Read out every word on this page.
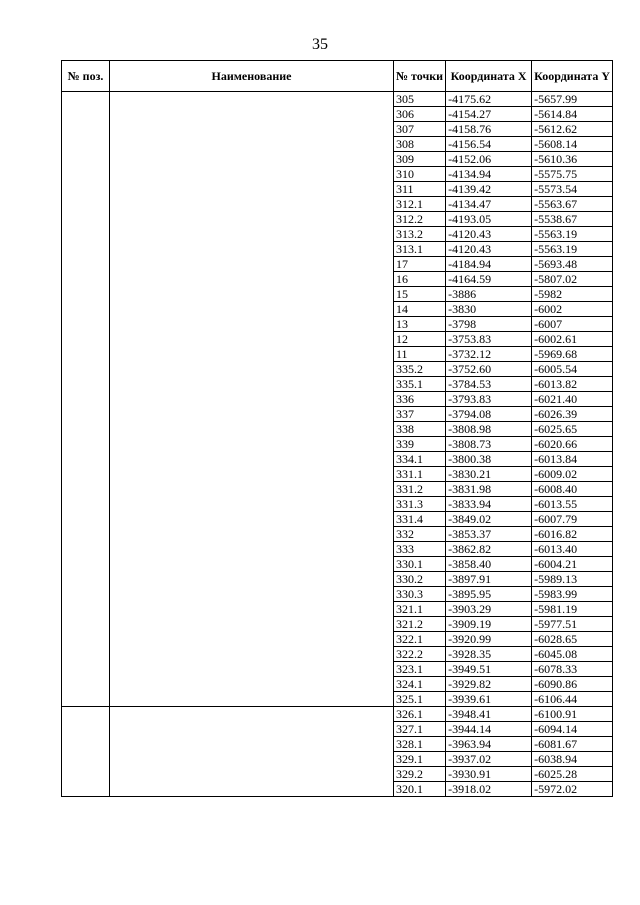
35
№ поз.	Наименование	№ точки	Координата X	Координата Y
		305	-4175.62	-5657.99
		306	-4154.27	-5614.84
		307	-4158.76	-5612.62
		308	-4156.54	-5608.14
		309	-4152.06	-5610.36
		310	-4134.94	-5575.75
		311	-4139.42	-5573.54
		312.1	-4134.47	-5563.67
		312.2	-4193.05	-5538.67
		313.2	-4120.43	-5563.19
		313.1	-4120.43	-5563.19
		17	-4184.94	-5693.48
		16	-4164.59	-5807.02
		15	-3886	-5982
		14	-3830	-6002
		13	-3798	-6007
		12	-3753.83	-6002.61
		11	-3732.12	-5969.68
		335.2	-3752.60	-6005.54
		335.1	-3784.53	-6013.82
		336	-3793.83	-6021.40
		337	-3794.08	-6026.39
		338	-3808.98	-6025.65
		339	-3808.73	-6020.66
		334.1	-3800.38	-6013.84
		331.1	-3830.21	-6009.02
		331.2	-3831.98	-6008.40
		331.3	-3833.94	-6013.55
		331.4	-3849.02	-6007.79
		332	-3853.37	-6016.82
		333	-3862.82	-6013.40
		330.1	-3858.40	-6004.21
		330.2	-3897.91	-5989.13
		330.3	-3895.95	-5983.99
		321.1	-3903.29	-5981.19
		321.2	-3909.19	-5977.51
		322.1	-3920.99	-6028.65
		322.2	-3928.35	-6045.08
		323.1	-3949.51	-6078.33
		324.1	-3929.82	-6090.86
		325.1	-3939.61	-6106.44
		326.1	-3948.41	-6100.91
		327.1	-3944.14	-6094.14
		328.1	-3963.94	-6081.67
		329.1	-3937.02	-6038.94
		329.2	-3930.91	-6025.28
		320.1	-3918.02	-5972.02
